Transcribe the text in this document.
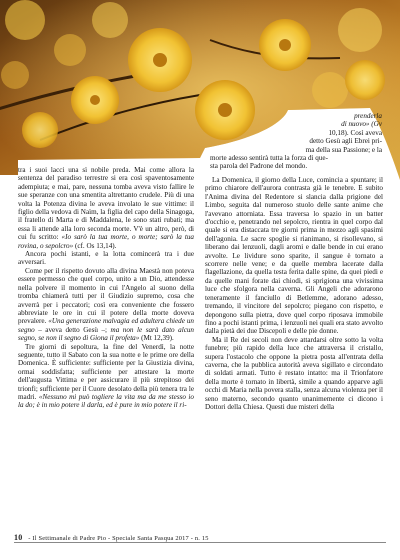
prenderla
di nuovo» (Gv
10,18). Così aveva
detto Gesù agli Ebrei pri-
ma della sua Passione; e la
morte adesso sentirà tutta la forza di que-
sta parola del Padrone del mondo.

tra i suoi lacci una sì nobile preda. Mai come allora la sentenza del paradiso terrestre si era così spaventosamente adempiuta; e mai, pare, nessuna tomba aveva visto fallire le sue speranze con una smentita altrettanto crudele. Più di una volta la Potenza divina le aveva involato le sue vittime: il figlio della vedova di Naìm, la figlia del capo della Sinagoga, il fratello di Marta e di Maddalena, le sono stati rubati; ma essa li attende alla loro seconda morte. V'è un altro, però, di cui fu scritto: «Io sarò la tua morte, o morte; sarò la tua rovina, o sepolcro» (cf. Os 13,14).

Ancora pochi istanti, e la lotta comincerà tra i due avversari.

Come per il rispetto dovuto alla divina Maestà non poteva essere permesso che quel corpo, unito a un Dio, attendesse nella polvere il momento in cui l'Angelo al suono della tromba chiamerà tutti per il Giudizio supremo, cosa che avverrà per i peccatori; così era conveniente che fossero abbreviate le ore in cui il potere della morte doveva prevalere. «Una generazione malvagia ed adultera chiede un segno – aveva detto Gesù –; ma non le sarà dato alcun segno, se non il segno di Giona il profeta» (Mt 12,39).

Tre giorni di sepoltura, la fine del Venerdì, la notte seguente, tutto il Sabato con la sua notte e le prime ore della Domenica. È sufficiente: sufficiente per la Giustizia divina, ormai soddisfatta; sufficiente per attestare la morte dell'augusta Vittima e per assicurare il più strepitoso dei trionfi; sufficiente per il Cuore desolato della più tenera tra le madri. «Nessuno mi può togliere la vita ma da me stesso io la do; è in mio potere il darla, ed è pure in mio potere il ri-

La Domenica, il giorno della Luce, comincia a spuntare; il primo chiarore dell'aurora contrasta già le tenebre. E subito l'Anima divina del Redentore si slancia dalla prigione del Limbo, seguita dal numeroso stuolo delle sante anime che l'avevano attorniata. Essa traversa lo spazio in un batter d'occhio e, penetrando nel sepolcro, rientra in quel corpo dal quale si era distaccata tre giorni prima in mezzo agli spasimi dell'agonia. Le sacre spoglie si rianimano, si risollevano, si liberano dai lenzuoli, dagli aromi e dalle bende in cui erano avvolte. Le lividure sono sparite, il sangue è tornato a scorrere nelle vene; e da quelle membra lacerate dalla flagellazione, da quella testa ferita dalle spine, da quei piedi e da quelle mani forate dai chiodi, si sprigiona una vivissima luce che sfolgora nella caverna. Gli Angeli che adorarono teneramente il fanciullo di Betlemme, adorano adesso, tremando, il vincitore del sepolcro; piegano con rispetto, e depongono sulla pietra, dove quel corpo riposava immobile fino a pochi istanti prima, i lenzuoli nei quali era stato avvolto dalla pietà dei due Discepoli e delle pie donne.

Ma il Re dei secoli non deve attardarsi oltre sotto la volta funebre; più rapido della luce che attraversa il cristallo, supera l'ostacolo che oppone la pietra posta all'entrata della caverna, che la pubblica autorità aveva sigillato e circondato di soldati armati. Tutto è restato intatto: ma il Trionfatore della morte è tornato in libertà, simile a quando apparve agli occhi di Maria nella povera stalla, senza alcuna violenza per il seno materno, secondo quanto unanimemente ci dicono i Dottori della Chiesa. Questi due misteri della

10 - Il Settimanale di Padre Pio - Speciale Santa Pasqua 2017 - n. 15
